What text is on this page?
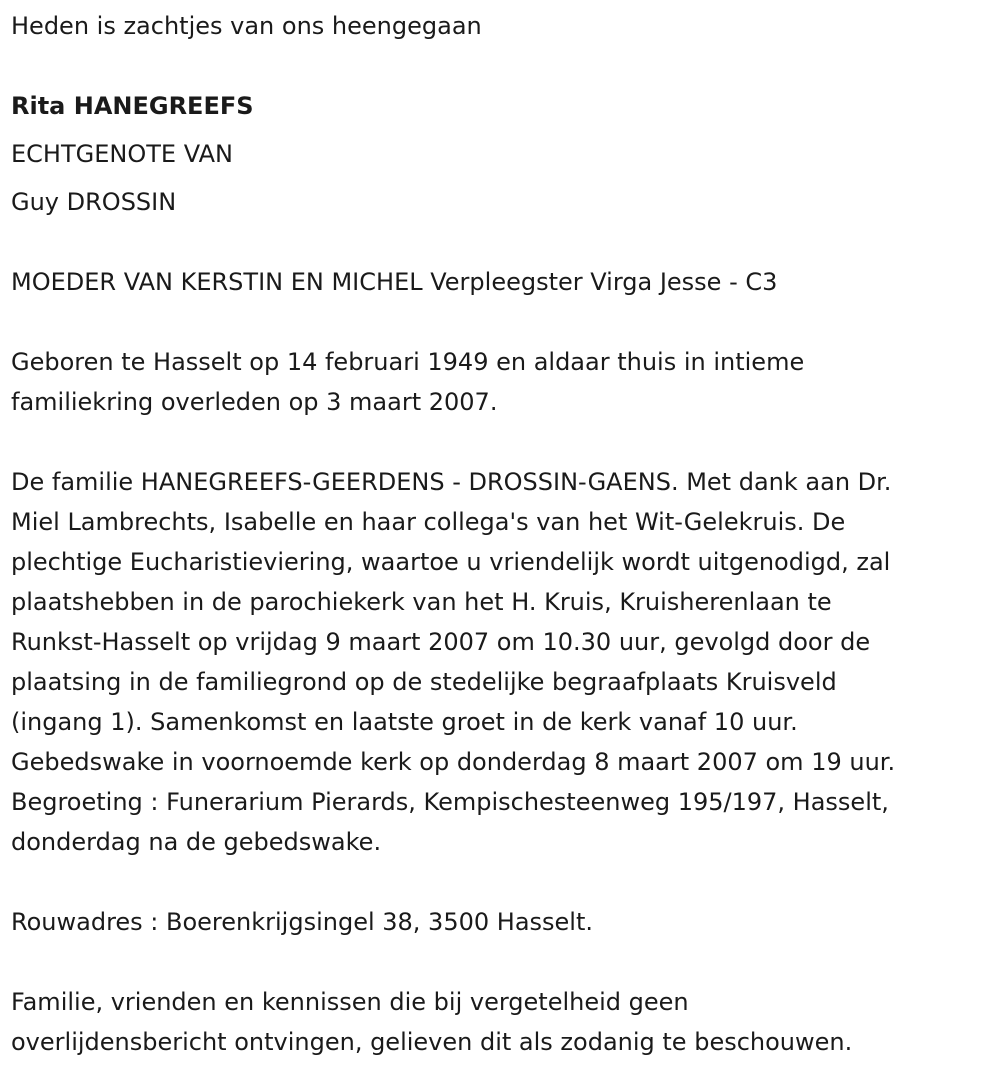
Heden is zachtjes van ons heengegaan
Rita HANEGREEFS
ECHTGENOTE VAN
Guy DROSSIN
MOEDER VAN KERSTIN EN MICHEL Verpleegster Virga Jesse - C3
Geboren te Hasselt op 14 februari 1949 en aldaar thuis in intieme
familiekring overleden op 3 maart 2007.
De familie HANEGREEFS-GEERDENS - DROSSIN-GAENS. Met dank aan Dr.
Miel Lambrechts, Isabelle en haar collega's van het Wit-Gelekruis. De
plechtige Eucharistieviering, waartoe u vriendelijk wordt uitgenodigd, zal
plaatshebben in de parochiekerk van het H. Kruis, Kruisherenlaan te
Runkst-Hasselt op vrijdag 9 maart 2007 om 10.30 uur, gevolgd door de
plaatsing in de familiegrond op de stedelijke begraafplaats Kruisveld
(ingang 1). Samenkomst en laatste groet in de kerk vanaf 10 uur.
Gebedswake in voornoemde kerk op donderdag 8 maart 2007 om 19 uur.
Begroeting : Funerarium Pierards, Kempischesteenweg 195/197, Hasselt,
donderdag na de gebedswake.
Rouwadres : Boerenkrijgsingel 38, 3500 Hasselt.
Familie, vrienden en kennissen die bij vergetelheid geen
overlijdensbericht ontvingen, gelieven dit als zodanig te beschouwen.
